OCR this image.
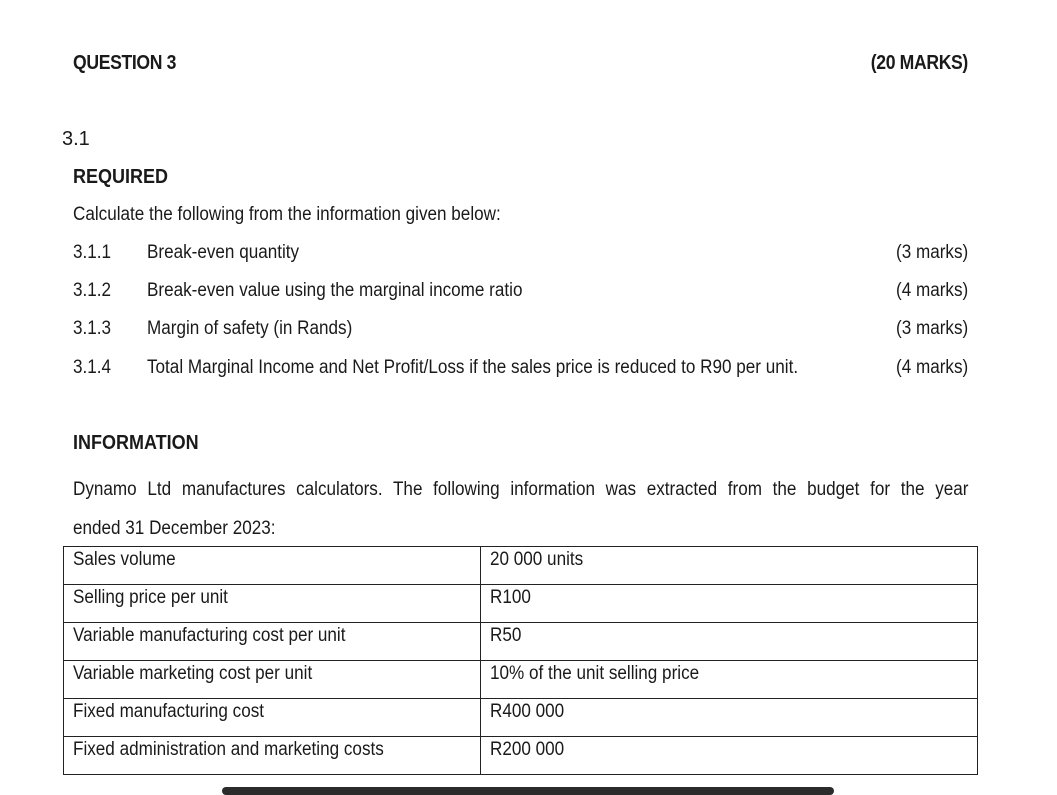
QUESTION 3	(20 MARKS)
3.1
REQUIRED
Calculate the following from the information given below:
3.1.1 Break-even quantity	(3 marks)
3.1.2 Break-even value using the marginal income ratio	(4 marks)
3.1.3 Margin of safety (in Rands)	(3 marks)
3.1.4 Total Marginal Income and Net Profit/Loss if the sales price is reduced to R90 per unit.	(4 marks)
INFORMATION
Dynamo Ltd manufactures calculators. The following information was extracted from the budget for the year
ended 31 December 2023:
Sales volume	20 000 units
Selling price per unit	R100
Variable manufacturing cost per unit	R50
Variable marketing cost per unit	10% of the unit selling price
Fixed manufacturing cost	R400 000
Fixed administration and marketing costs	R200 000
